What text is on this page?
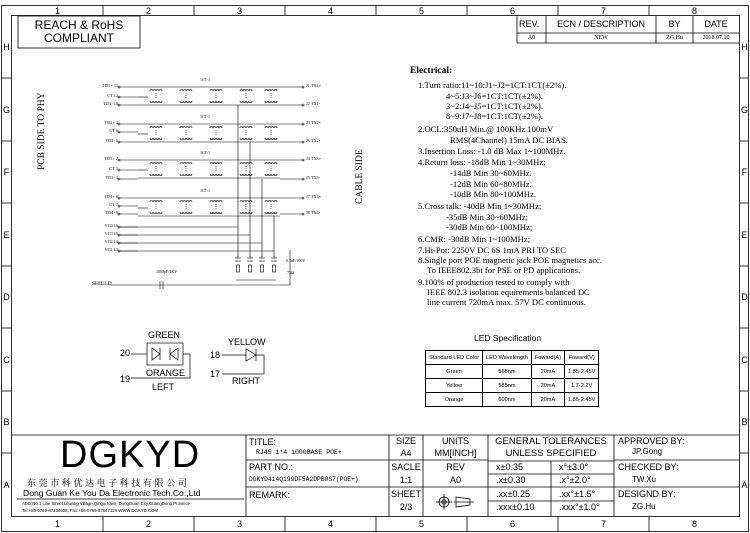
REACH & RoHS
COMPLIANT
REV.	ECN / DESCRIPTION	BY	DATE
A0	NEW	ZG.Hu	2018.07.10
1
1
2
2
3
3
4
4
5
5
6
6
7
7
8
8
H	H
G	G
F	F
E	E
D	D
C	C
B	B
A	A
PCB SIDE TO PHY
CABLE SIDE
SHIELD
1000pF/2KV
0.1uF/100V
75Ω
TD1+ 11
CT 12
TD1- 10
TD2+ 4
CT 6
TD2- 5
TD3+ 2
CT 1
TD3- 3
TD4+ 8
CT 7
TD4- 9
VC4 16
VC3 15
VC2 14
VC1 13
J1 TX1+
J2 TX1-
J3 TX2+
J6 TX2-
J4 TX3+
J5 TX3-
J7 TX4+
J8 TX4-
1CT:1
1CT:1
1CT:1
1CT:1
GREEN
ORANGE
20
19
LEFT
YELLOW
18
17
RIGHT
Electrical:
1.Turn ratio:11~10:J1~J2=1CT:1CT(±2%).
4~5:J3~J6=1CT:1CT(±2%).
3~2:J4~J5=1CT:1CT(±2%).
8~9:J7~J8=1CT:1CT(±2%).
2.OCL:350uH Min.@ 100KHz 100mV
RMS(4Channel) 15mA DC BIAS.
3.Insertion Loss: -1.0 dB Max 1~100MHz.
4.Return loss: -18dB Min 1~30MHz;
-14dB Min 30~60MHz.
-12dB Min 60~80MHz.
-10dB Min 80~100MHz.
5.Cross talk: -40dB Min 1~30MHz;
-35dB Min 30~60MHz;
-30dB Min 60~100MHz;
6.CMR: -30dB Min 1~100MHz;
7.Hi-Pot: 2250V DC 6S 1mA PRI TO SEC
8.Single port POE magnetic jack POE magnetics acc.
To IEEE802.3bt for PSE or PD applications.
9.100% of production tested to comply with
IEEE 802.3 isolation equirements balanced DC
line current 720mA max. 57V DC continuous.
LED Specification
Standard LED Color	LED Wavelength	Foward(A)	Foward(V)
Green	568nm	20mA	1.85-2.45V
Yellow	585nm	20mA	1.7-2.2V
Orange	600nm	20mA	1.85-2.45V
DGKYD
东莞市科优达电子科技有限公司
Dong Guan Ke You Da Electronic Tech.Co.,Ltd
ADD:No.1 Lilie Street,Lilwang Village,Qingxi town, DongGuan City,GuangDong Province
Tel:+86-0769-87334608; Fax:+86-0769-87647129 WWW.DGKYD.COM
TITLE:
RJ45 1*4 1000BASE POE+
PART NO.:
DGKYD414Q199DF5A2DPB0S7(POE+)
REMARK:
SIZE
A4
UNITS
MM[INCH]
SACLE
1:1
REV
A0
SHEET
2/3
GENERAL TOLERANCES
UNLESS SPECIFIED
x±0.35	x°±3.0°
.x±0.30	.x°±2.0°
.xx±0.25	.xx°±1.5°
.xxx±0.10	.xxx°±1.0°
APPROVED BY:
JP.Gong
CHECKED BY:
TW.Xu
DESIGND BY:
ZG.Hu
